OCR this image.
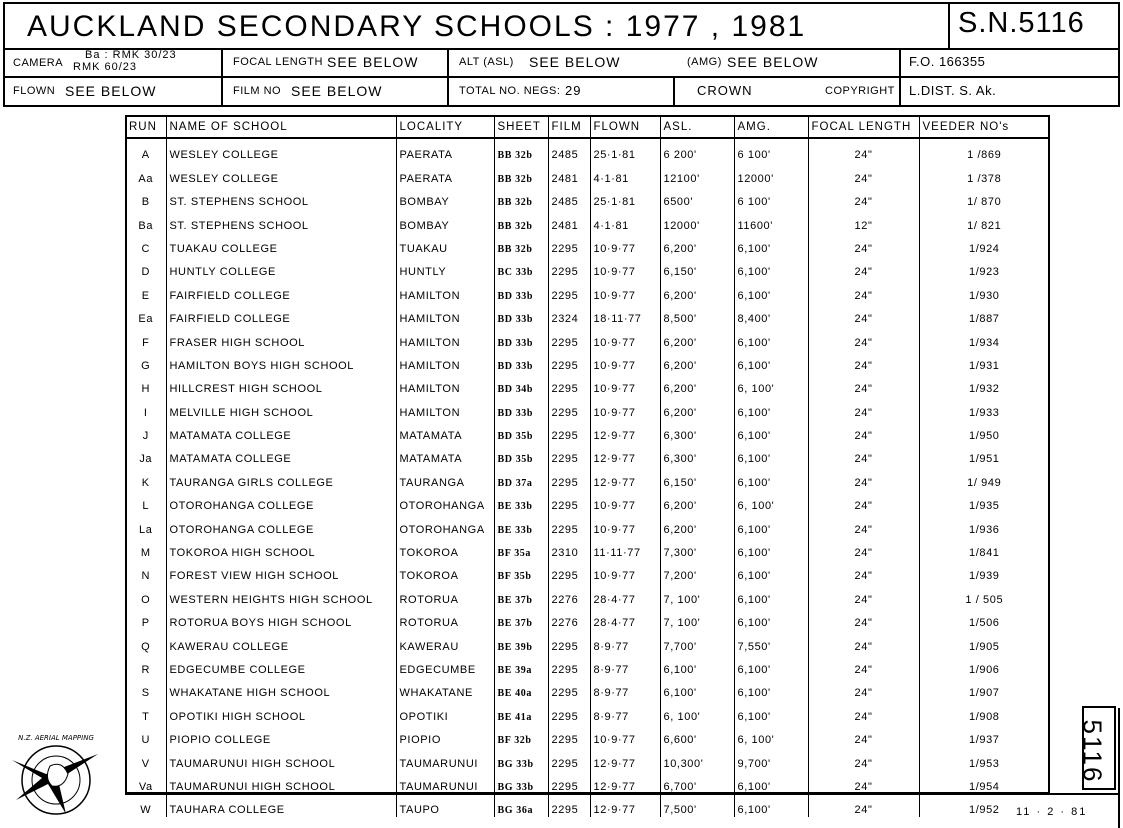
AUCKLAND SECONDARY SCHOOLS : 1977 , 1981	S.N.5116
CAMERA
Ba : RMK 30/23
RMK 60/23	FOCAL LENGTH SEE BELOW	ALT (ASL) SEE BELOW	(AMG) SEE BELOW	F.O. 166355
FLOWN SEE BELOW	FILM NO SEE BELOW	TOTAL NO. NEGS: 29	CROWN	COPYRIGHT L.DIST. S. Ak.
RUN	NAME OF SCHOOL	LOCALITY	SHEET	FILM	FLOWN	ASL.	AMG.	FOCAL LENGTH	VEEDER NO's
A	WESLEY COLLEGE	PAERATA	BB 32b	2485	25·1·81	6 200'	6 100'	24"	1 /869
Aa	WESLEY COLLEGE	PAERATA	BB 32b	2481	4·1·81	12100'	12000'	24"	1 /378
B	ST. STEPHENS SCHOOL	BOMBAY	BB 32b	2485	25·1·81	6500'	6 100'	24"	1/ 870
Ba	ST. STEPHENS SCHOOL	BOMBAY	BB 32b	2481	4·1·81	12000'	11600'	12"	1/ 821
C	TUAKAU COLLEGE	TUAKAU	BB 32b	2295	10·9·77	6,200'	6,100'	24"	1/924
D	HUNTLY COLLEGE	HUNTLY	BC 33b	2295	10·9·77	6,150'	6,100'	24"	1/923
E	FAIRFIELD COLLEGE	HAMILTON	BD 33b	2295	10·9·77	6,200'	6,100'	24"	1/930
Ea	FAIRFIELD COLLEGE	HAMILTON	BD 33b	2324	18·11·77	8,500'	8,400'	24"	1/887
F	FRASER HIGH SCHOOL	HAMILTON	BD 33b	2295	10·9·77	6,200'	6,100'	24"	1/934
G	HAMILTON BOYS HIGH SCHOOL	HAMILTON	BD 33b	2295	10·9·77	6,200'	6,100'	24"	1/931
H	HILLCREST HIGH SCHOOL	HAMILTON	BD 34b	2295	10·9·77	6,200'	6, 100'	24"	1/932
I	MELVILLE HIGH SCHOOL	HAMILTON	BD 33b	2295	10·9·77	6,200'	6,100'	24"	1/933
J	MATAMATA COLLEGE	MATAMATA	BD 35b	2295	12·9·77	6,300'	6,100'	24"	1/950
Ja	MATAMATA COLLEGE	MATAMATA	BD 35b	2295	12·9·77	6,300'	6,100'	24"	1/951
K	TAURANGA GIRLS COLLEGE	TAURANGA	BD 37a	2295	12·9·77	6,150'	6,100'	24"	1/ 949
L	OTOROHANGA COLLEGE	OTOROHANGA	BE 33b	2295	10·9·77	6,200'	6, 100'	24"	1/935
La	OTOROHANGA COLLEGE	OTOROHANGA	BE 33b	2295	10·9·77	6,200'	6,100'	24"	1/936
M	TOKOROA HIGH SCHOOL	TOKOROA	BF 35a	2310	11·11·77	7,300'	6,100'	24"	1/841
N	FOREST VIEW HIGH SCHOOL	TOKOROA	BF 35b	2295	10·9·77	7,200'	6,100'	24"	1/939
O	WESTERN HEIGHTS HIGH SCHOOL	ROTORUA	BE 37b	2276	28·4·77	7, 100'	6,100'	24"	1 / 505
P	ROTORUA BOYS HIGH SCHOOL	ROTORUA	BE 37b	2276	28·4·77	7, 100'	6,100'	24"	1/506
Q	KAWERAU COLLEGE	KAWERAU	BE 39b	2295	8·9·77	7,700'	7,550'	24"	1/905
R	EDGECUMBE COLLEGE	EDGECUMBE	BE 39a	2295	8·9·77	6,100'	6,100'	24"	1/906
S	WHAKATANE HIGH SCHOOL	WHAKATANE	BE 40a	2295	8·9·77	6,100'	6,100'	24"	1/907
T	OPOTIKI HIGH SCHOOL	OPOTIKI	BE 41a	2295	8·9·77	6, 100'	6,100'	24"	1/908
U	PIOPIO COLLEGE	PIOPIO	BF 32b	2295	10·9·77	6,600'	6, 100'	24"	1/937
V	TAUMARUNUI HIGH SCHOOL	TAUMARUNUI	BG 33b	2295	12·9·77	10,300'	9,700'	24"	1/953
Va	TAUMARUNUI HIGH SCHOOL	TAUMARUNUI	BG 33b	2295	12·9·77	6,700'	6,100'	24"	1/954
W	TAUHARA COLLEGE	TAUPO	BG 36a	2295	12·9·77	7,500'	6,100'	24"	1/952
5116
11 · 2 · 81
N.Z. AERIAL MAPPING
